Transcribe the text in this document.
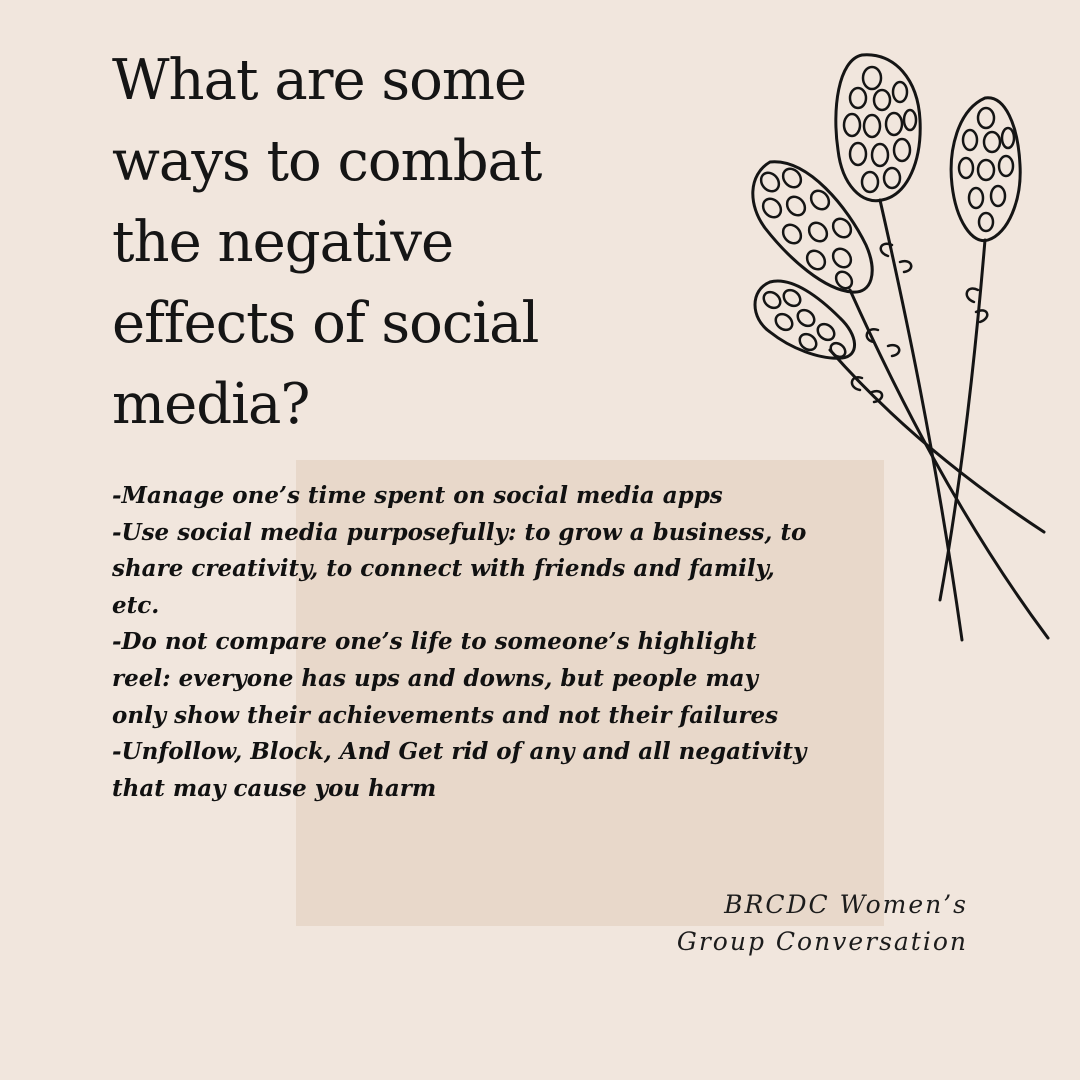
What are some
ways to combat
the negative
effects of social
media?
-Manage one’s time spent on social media apps
-Use social media purposefully: to grow a business, to share creativity, to connect with friends and family, etc.
-Do not compare one’s life to someone’s highlight reel: everyone has ups and downs, but people may only show their achievements and not their failures
-Unfollow, Block, And Get rid of any and all negativity that may cause you harm
BRCDC Women’s
Group Conversation
